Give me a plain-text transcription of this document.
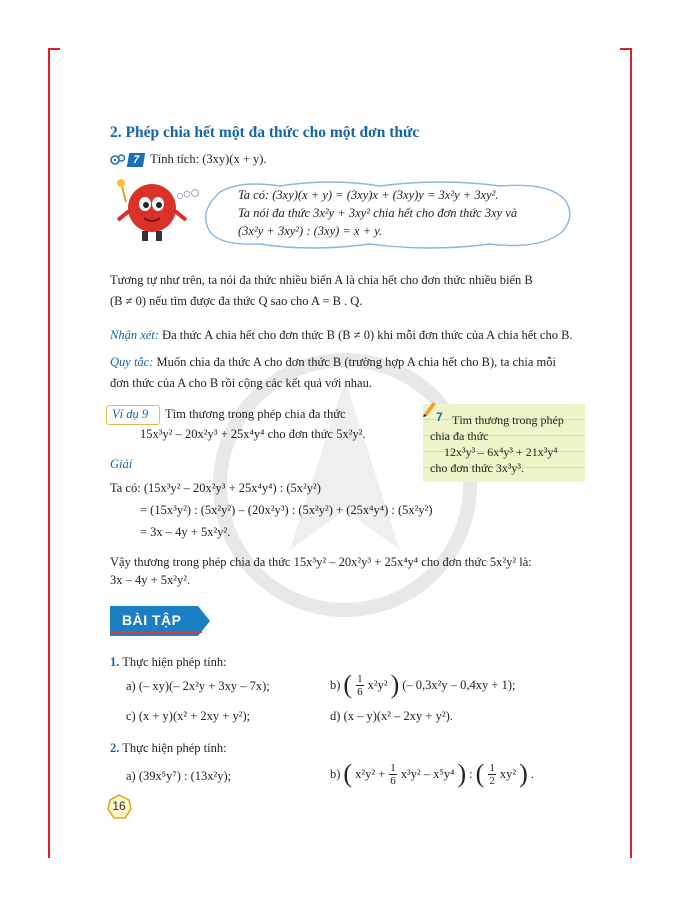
2. Phép chia hết một đa thức cho một đơn thức
7 Tính tích: (3xy)(x + y).
Ta có: (3xy)(x + y) = (3xy)x + (3xy)y = 3x²y + 3xy².
Ta nói đa thức 3x²y + 3xy² chia hết cho đơn thức 3xy và
(3x²y + 3xy²) : (3xy) = x + y.
Tương tự như trên, ta nói đa thức nhiều biến A là chia hết cho đơn thức nhiều biến B
(B ≠ 0) nếu tìm được đa thức Q sao cho A = B . Q.
Nhận xét: Đa thức A chia hết cho đơn thức B (B ≠ 0) khi mỗi đơn thức của A chia hết cho B.
Quy tắc: Muốn chia đa thức A cho đơn thức B (trường hợp A chia hết cho B), ta chia mỗi
đơn thức của A cho B rồi cộng các kết quả với nhau.
Ví dụ 9 Tìm thương trong phép chia đa thức
15x³y² – 20x²y³ + 25x⁴y⁴ cho đơn thức 5x²y².
Giải
Ta có: (15x³y² – 20x²y³ + 25x⁴y⁴) : (5x²y²)
= (15x³y²) : (5x²y²) – (20x²y³) : (5x²y²) + (25x⁴y⁴) : (5x²y²)
= 3x – 4y + 5x²y².
Vậy thương trong phép chia đa thức 15x³y² – 20x²y³ + 25x⁴y⁴ cho đơn thức 5x²y² là:
3x – 4y + 5x²y².
7 Tìm thương trong phép
chia đa thức
12x³y³ – 6x⁴y³ + 21x³y⁴
cho đơn thức 3x³y³.
BÀI TẬP
1. Thực hiện phép tính:
a) (– xy)(– 2x²y + 3xy – 7x);	b) ( $\frac{1}{6} x^2y^2$ ) (– 0,3x²y – 0,4xy + 1);
c) (x + y)(x² + 2xy + y²);	d) (x – y)(x² – 2xy + y²).
2. Thực hiện phép tính:
a) (39x⁵y⁷) : (13x²y);	b) ( $x^2y^2 + \frac{1}{6} x^3y^2 - x^5y^4$ ) : ( $\frac{1}{2} xy^2$ ) .
16
